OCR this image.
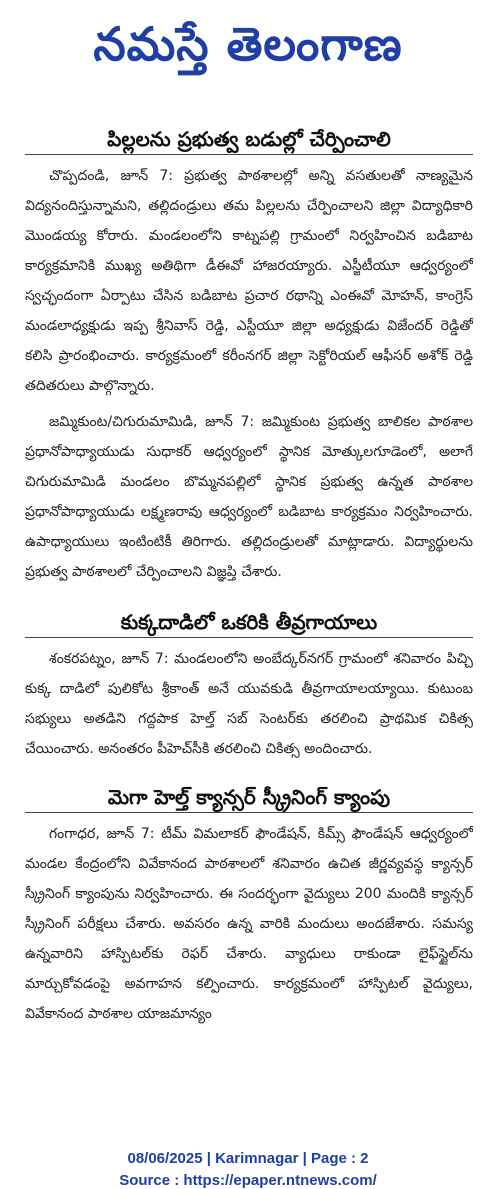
నమస్తే తెలంగాణ
పిల్లలను ప్రభుత్వ బడుల్లో చేర్పించాలి

చొప్పదండి, జూన్ 7: ప్రభుత్వ పాఠశాలల్లో అన్ని వసతులతో నాణ్యమైన విద్యనందిస్తున్నామని, తల్లిదండ్రులు తమ పిల్లలను చేర్పించాలని జిల్లా విద్యాధికారి మొండయ్య కోరారు. మండలంలోని కాట్నపల్లి గ్రామంలో నిర్వహించిన బడిబాట కార్యక్రమానికి ముఖ్య అతిథిగా డీఈవో హాజరయ్యారు. ఎస్జీటీయూ ఆధ్వర్యంలో స్వచ్ఛందంగా ఏర్పాటు చేసిన బడిబాట ప్రచార రథాన్ని ఎంఈవో మోహన్, కాంగ్రెస్ మండలాధ్యక్షుడు ఇప్ప శ్రీనివాస్ రెడ్డి, ఎస్టీయూ జిల్లా అధ్యక్షుడు విజేందర్ రెడ్డితో కలిసి ప్రారంభించారు. కార్యక్రమంలో కరీంనగర్ జిల్లా సెక్టోరియల్ ఆఫీసర్ అశోక్ రెడ్డి తదితరులు పాల్గొన్నారు.

జమ్మికుంట/చిగురుమామిడి, జూన్ 7: జమ్మికుంట ప్రభుత్వ బాలికల పాఠశాల ప్రధానోపాధ్యాయుడు సుధాకర్ ఆధ్వర్యంలో స్థానిక మోత్కులగూడెంలో, అలాగే చిగురుమామిడి మండలం బొమ్మనపల్లిలో స్థానిక ప్రభుత్వ ఉన్నత పాఠశాల ప్రధానోపాధ్యాయుడు లక్ష్మణరావు ఆధ్వర్యంలో బడిబాట కార్యక్రమం నిర్వహించారు. ఉపాధ్యాయులు ఇంటింటికీ తిరిగారు. తల్లిదండ్రులతో మాట్లాడారు. విద్యార్థులను ప్రభుత్వ పాఠశాలలో చేర్పించాలని విజ్ఞప్తి చేశారు.

కుక్కదాడిలో ఒకరికి తీవ్రగాయాలు

శంకరపట్నం, జూన్ 7: మండలంలోని అంబేద్కర్‌నగర్ గ్రామంలో శనివారం పిచ్చి కుక్క దాడిలో పులికోట శ్రీకాంత్ అనే యువకుడి తీవ్రగాయాలయ్యాయి. కుటుంబ సభ్యులు అతడిని గద్దపాక హెల్త్ సబ్ సెంటర్‌కు తరలించి ప్రాథమిక చికిత్స చేయించారు. అనంతరం పీహెచ్‌సీకి తరలించి చికిత్స అందించారు.

మెగా హెల్త్ క్యాన్సర్ స్క్రీనింగ్ క్యాంపు

గంగాధర, జూన్ 7: టీమ్ విమలాకర్ ఫౌండేషన్, కిమ్స్ ఫౌండేషన్ ఆధ్వర్యంలో మండల కేంద్రంలోని వివేకానంద పాఠశాలలో శనివారం ఉచిత జీర్ణవ్యవస్థ క్యాన్సర్ స్క్రీనింగ్ క్యాంపును నిర్వహించారు. ఈ సందర్భంగా వైద్యులు 200 మందికి క్యాన్సర్ స్క్రీనింగ్ పరీక్షలు చేశారు. అవసరం ఉన్న వారికి మందులు అందజేశారు. సమస్య ఉన్నవారిని హాస్పిటల్‌కు రెఫర్ చేశారు. వ్యాధులు రాకుండా లైఫ్‌స్టైల్‌ను మార్చుకోవడంపై అవగాహన కల్పించారు. కార్యక్రమంలో హాస్పిటల్ వైద్యులు, వివేకానంద పాఠశాల యాజమాన్యం

08/06/2025 | Karimnagar | Page : 2
Source : https://epaper.ntnews.com/
